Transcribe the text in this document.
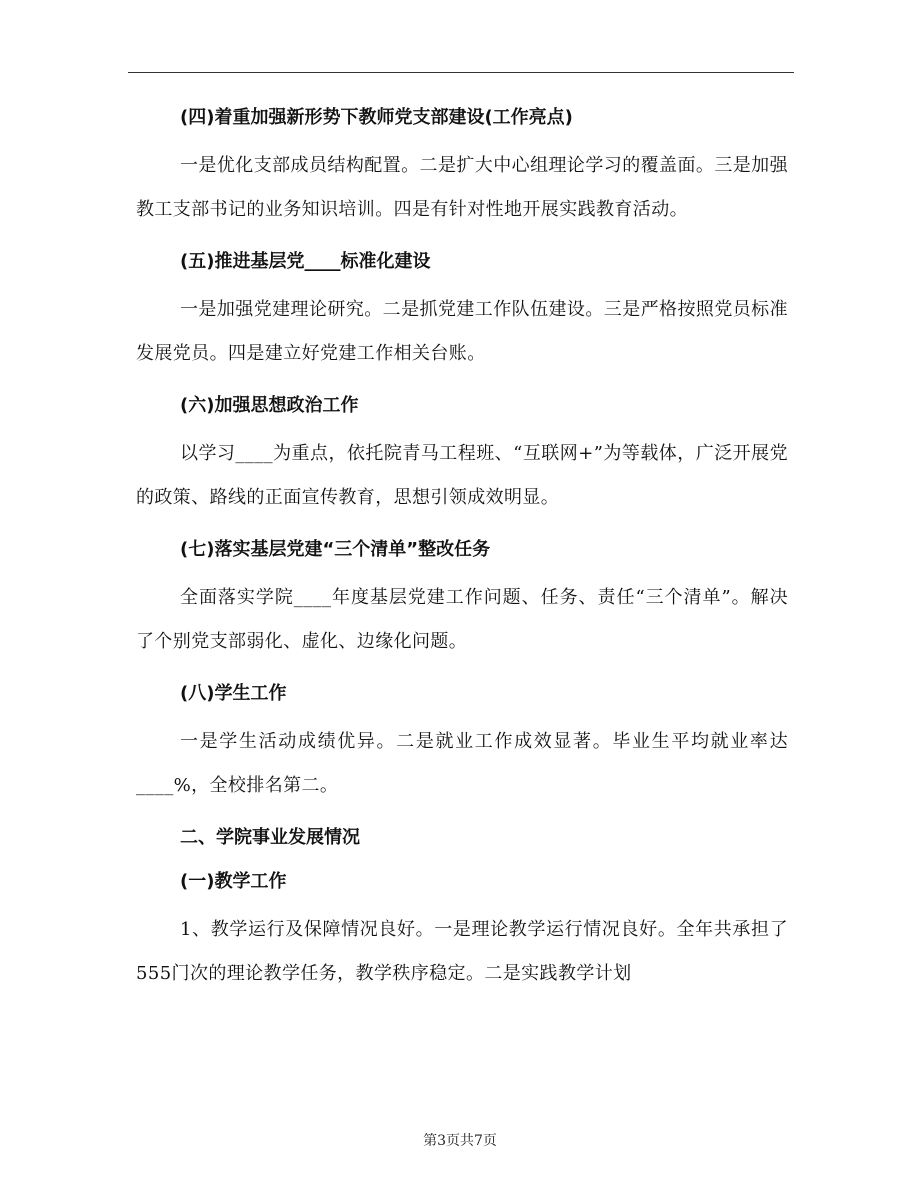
(四)着重加强新形势下教师党支部建设(工作亮点)

一是优化支部成员结构配置。二是扩大中心组理论学习的覆盖面。三是加强教工支部书记的业务知识培训。四是有针对性地开展实践教育活动。

(五)推进基层党____标准化建设

一是加强党建理论研究。二是抓党建工作队伍建设。三是严格按照党员标准发展党员。四是建立好党建工作相关台账。

(六)加强思想政治工作

以学习____为重点，依托院青马工程班、“互联网+”为等载体，广泛开展党的政策、路线的正面宣传教育，思想引领成效明显。

(七)落实基层党建“三个清单”整改任务

全面落实学院____年度基层党建工作问题、任务、责任“三个清单”。解决了个别党支部弱化、虚化、边缘化问题。

(八)学生工作

一是学生活动成绩优异。二是就业工作成效显著。毕业生平均就业率达____%，全校排名第二。

二、学院事业发展情况
(一)教学工作

1、教学运行及保障情况良好。一是理论教学运行情况良好。全年共承担了555门次的理论教学任务，教学秩序稳定。二是实践教学计划

第3页共7页
